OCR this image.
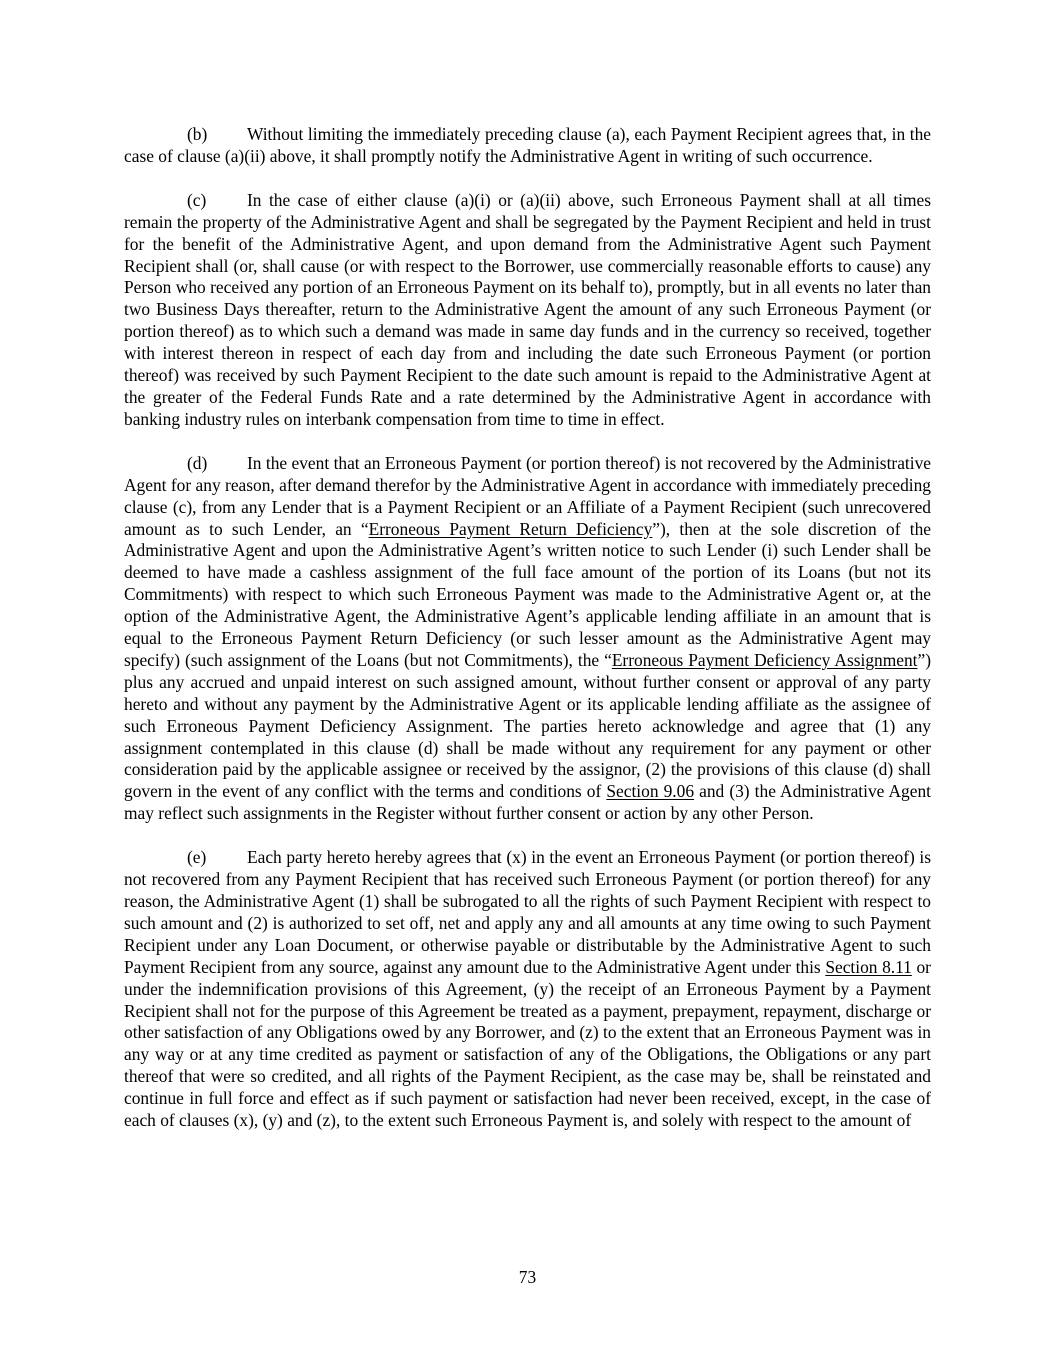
(b) Without limiting the immediately preceding clause (a), each Payment Recipient agrees that, in the case of clause (a)(ii) above, it shall promptly notify the Administrative Agent in writing of such occurrence.

(c) In the case of either clause (a)(i) or (a)(ii) above, such Erroneous Payment shall at all times remain the property of the Administrative Agent and shall be segregated by the Payment Recipient and held in trust for the benefit of the Administrative Agent, and upon demand from the Administrative Agent such Payment Recipient shall (or, shall cause (or with respect to the Borrower, use commercially reasonable efforts to cause) any Person who received any portion of an Erroneous Payment on its behalf to), promptly, but in all events no later than two Business Days thereafter, return to the Administrative Agent the amount of any such Erroneous Payment (or portion thereof) as to which such a demand was made in same day funds and in the currency so received, together with interest thereon in respect of each day from and including the date such Erroneous Payment (or portion thereof) was received by such Payment Recipient to the date such amount is repaid to the Administrative Agent at the greater of the Federal Funds Rate and a rate determined by the Administrative Agent in accordance with banking industry rules on interbank compensation from time to time in effect.

(d) In the event that an Erroneous Payment (or portion thereof) is not recovered by the Administrative Agent for any reason, after demand therefor by the Administrative Agent in accordance with immediately preceding clause (c), from any Lender that is a Payment Recipient or an Affiliate of a Payment Recipient (such unrecovered amount as to such Lender, an “Erroneous Payment Return Deficiency”), then at the sole discretion of the Administrative Agent and upon the Administrative Agent’s written notice to such Lender (i) such Lender shall be deemed to have made a cashless assignment of the full face amount of the portion of its Loans (but not its Commitments) with respect to which such Erroneous Payment was made to the Administrative Agent or, at the option of the Administrative Agent, the Administrative Agent’s applicable lending affiliate in an amount that is equal to the Erroneous Payment Return Deficiency (or such lesser amount as the Administrative Agent may specify) (such assignment of the Loans (but not Commitments), the “Erroneous Payment Deficiency Assignment”) plus any accrued and unpaid interest on such assigned amount, without further consent or approval of any party hereto and without any payment by the Administrative Agent or its applicable lending affiliate as the assignee of such Erroneous Payment Deficiency Assignment. The parties hereto acknowledge and agree that (1) any assignment contemplated in this clause (d) shall be made without any requirement for any payment or other consideration paid by the applicable assignee or received by the assignor, (2) the provisions of this clause (d) shall govern in the event of any conflict with the terms and conditions of Section 9.06 and (3) the Administrative Agent may reflect such assignments in the Register without further consent or action by any other Person.

(e) Each party hereto hereby agrees that (x) in the event an Erroneous Payment (or portion thereof) is not recovered from any Payment Recipient that has received such Erroneous Payment (or portion thereof) for any reason, the Administrative Agent (1) shall be subrogated to all the rights of such Payment Recipient with respect to such amount and (2) is authorized to set off, net and apply any and all amounts at any time owing to such Payment Recipient under any Loan Document, or otherwise payable or distributable by the Administrative Agent to such Payment Recipient from any source, against any amount due to the Administrative Agent under this Section 8.11 or under the indemnification provisions of this Agreement, (y) the receipt of an Erroneous Payment by a Payment Recipient shall not for the purpose of this Agreement be treated as a payment, prepayment, repayment, discharge or other satisfaction of any Obligations owed by any Borrower, and (z) to the extent that an Erroneous Payment was in any way or at any time credited as payment or satisfaction of any of the Obligations, the Obligations or any part thereof that were so credited, and all rights of the Payment Recipient, as the case may be, shall be reinstated and continue in full force and effect as if such payment or satisfaction had never been received, except, in the case of each of clauses (x), (y) and (z), to the extent such Erroneous Payment is, and solely with respect to the amount of

73
